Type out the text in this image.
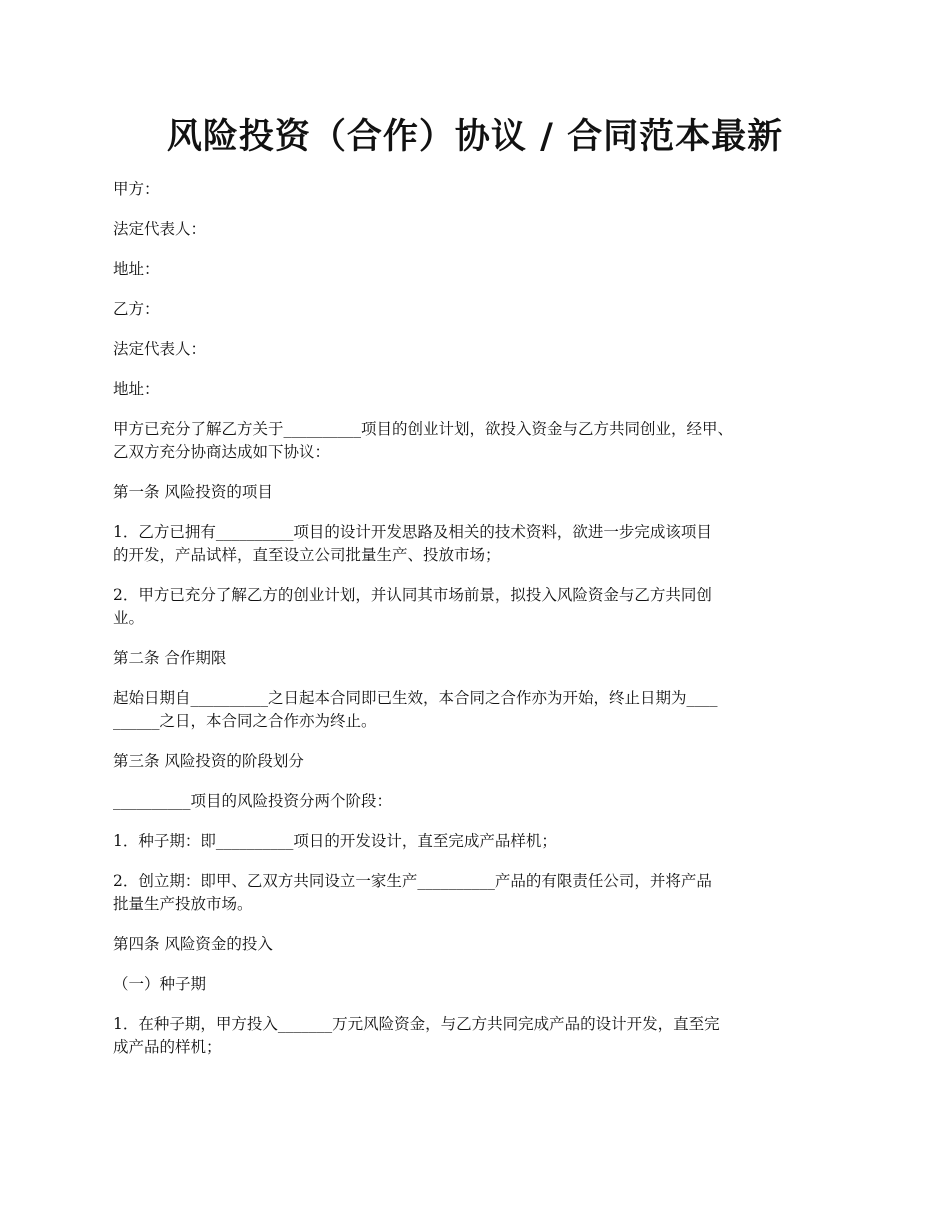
风险投资（合作）协议 / 合同范本最新

甲方：

法定代表人：

地址：

乙方：

法定代表人：

地址：

甲方已充分了解乙方关于__________项目的创业计划，欲投入资金与乙方共同创业，经甲、
乙双方充分协商达成如下协议：

第一条 风险投资的项目

1．乙方已拥有__________项目的设计开发思路及相关的技术资料，欲进一步完成该项目
的开发，产品试样，直至设立公司批量生产、投放市场；

2．甲方已充分了解乙方的创业计划，并认同其市场前景，拟投入风险资金与乙方共同创
业。

第二条 合作期限

起始日期自__________之日起本合同即已生效，本合同之合作亦为开始，终止日期为____
______之日，本合同之合作亦为终止。

第三条 风险投资的阶段划分

__________项目的风险投资分两个阶段：

1．种子期：即__________项日的开发设计，直至完成产品样机；

2．创立期：即甲、乙双方共同设立一家生产__________产品的有限责任公司，并将产品
批量生产投放市场。

第四条 风险资金的投入

（一）种子期

1．在种子期，甲方投入_______万元风险资金，与乙方共同完成产品的设计开发，直至完
成产品的样机；
